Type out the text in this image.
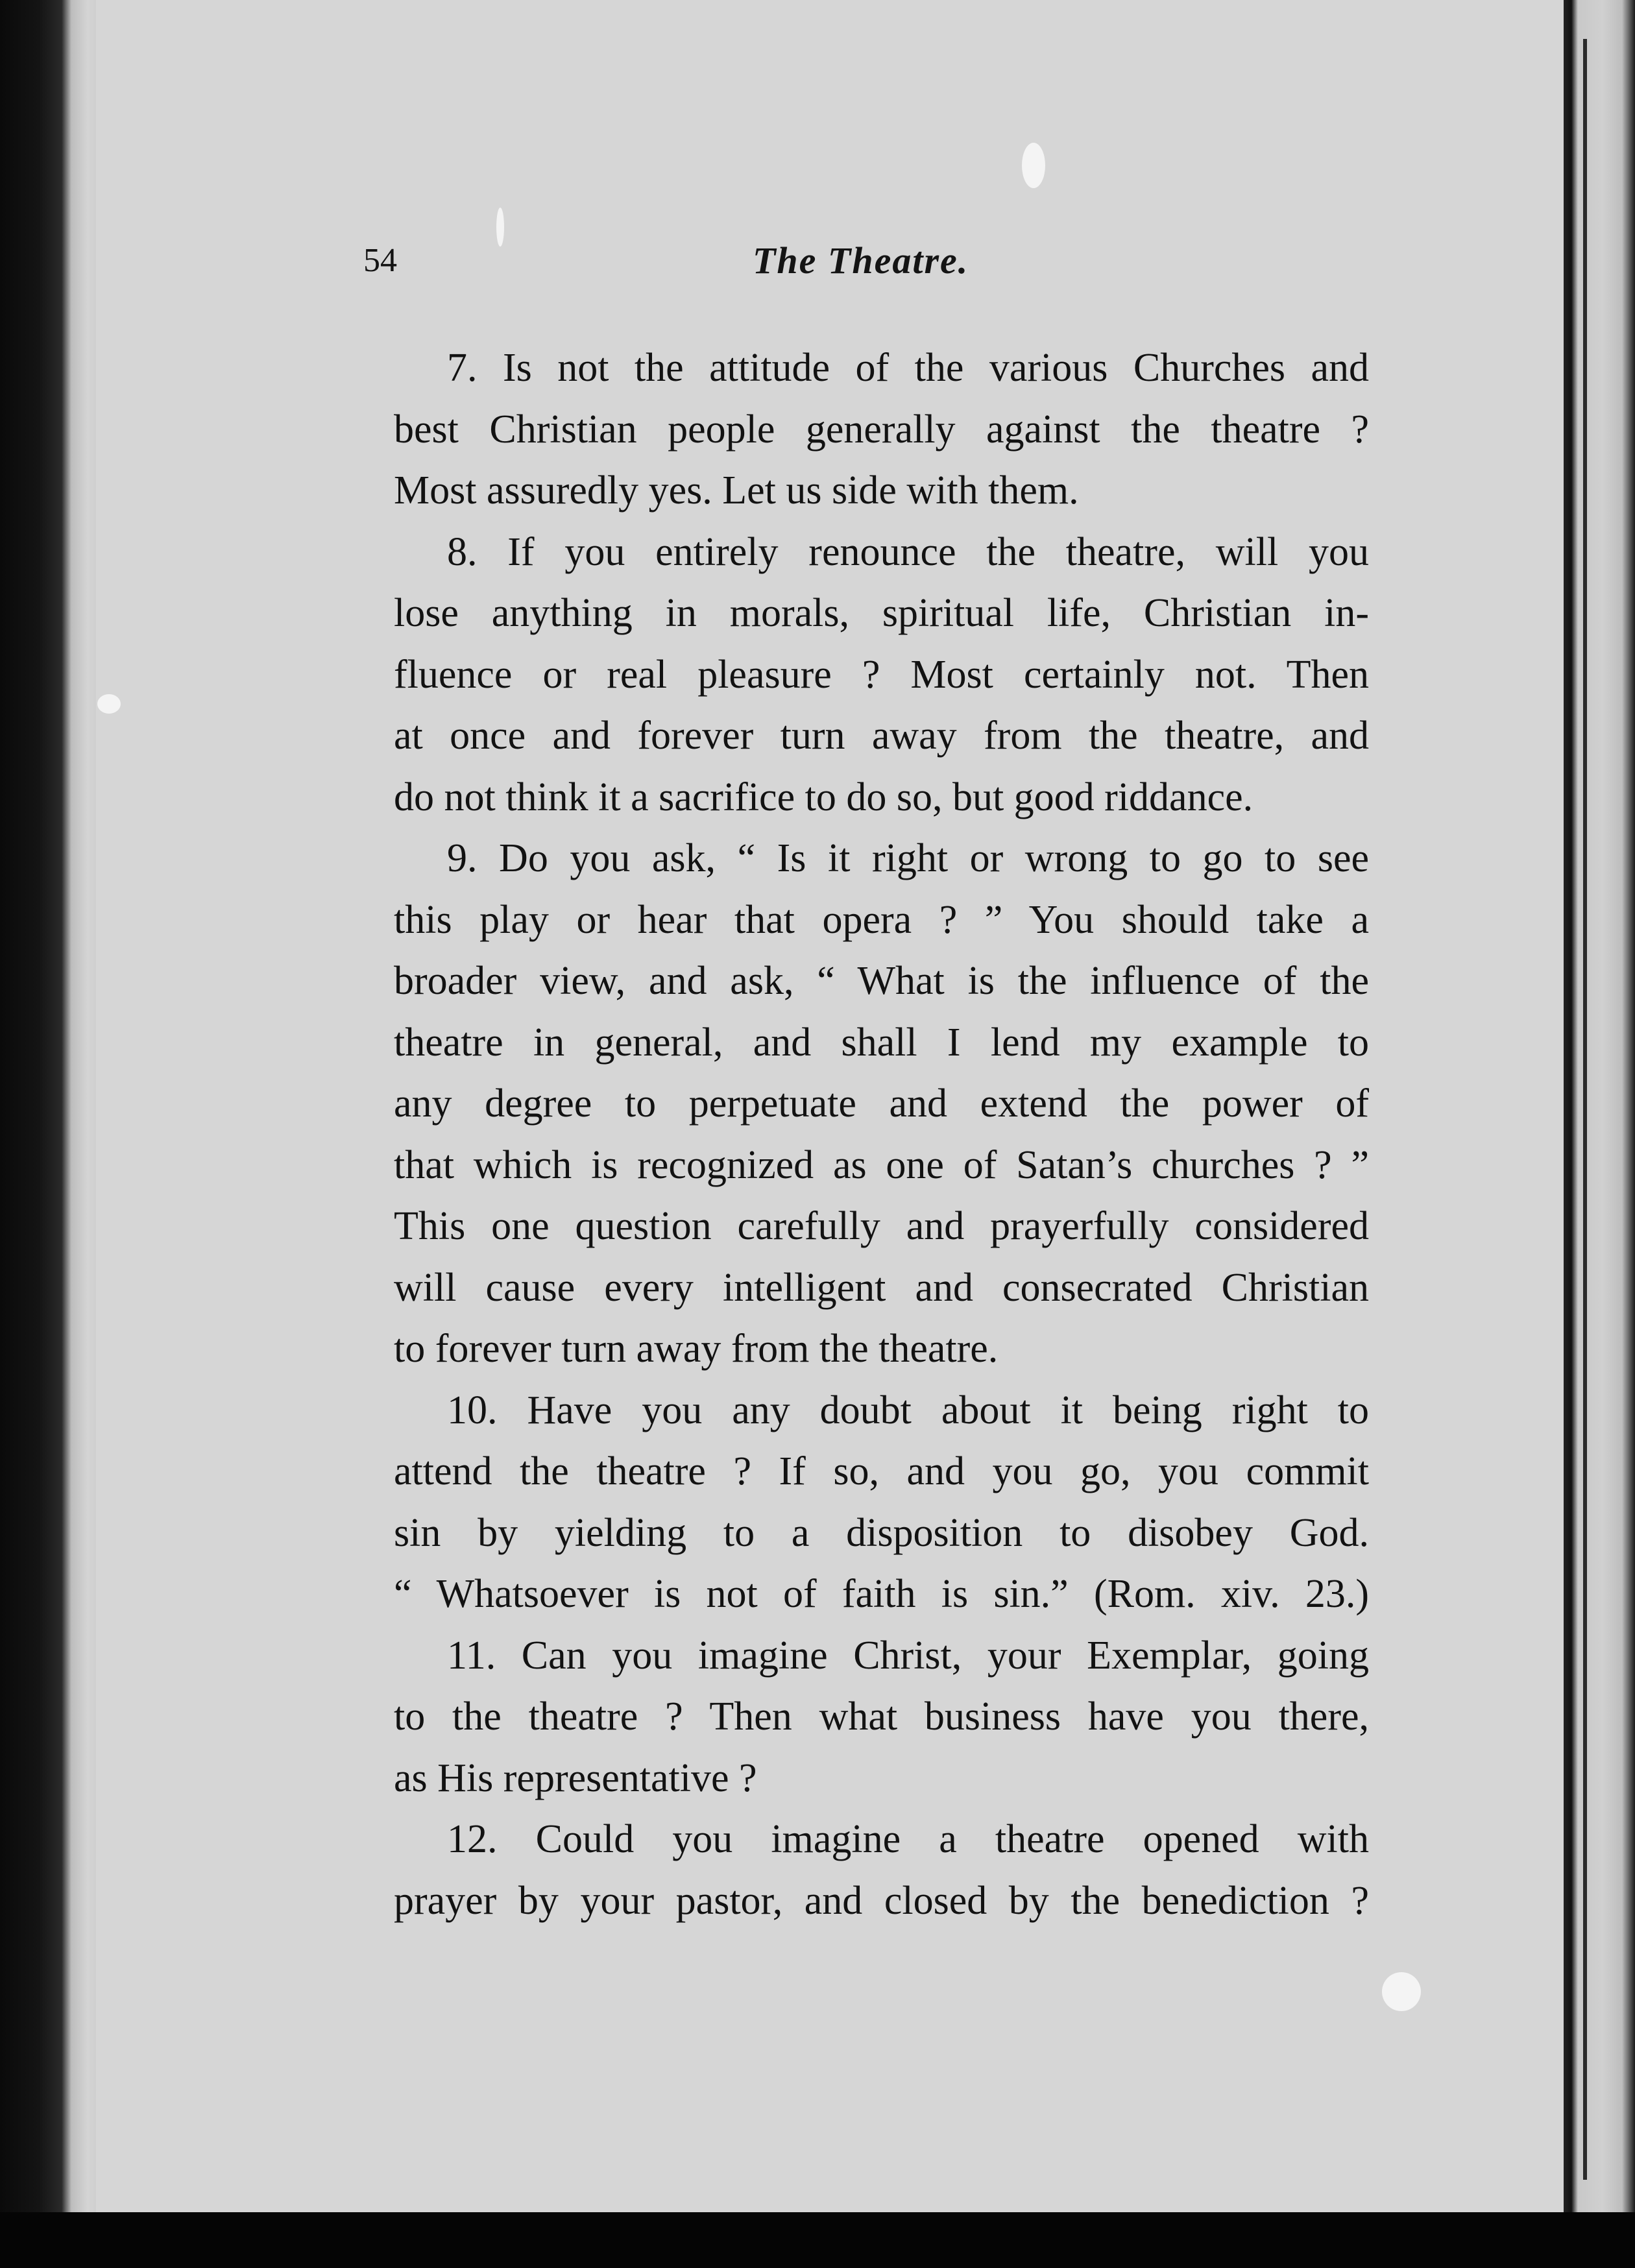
54	The Theatre.
7. Is not the attitude of the various Churches and
best Christian people generally against the theatre ?
Most assuredly yes. Let us side with them.
8. If you entirely renounce the theatre, will you
lose anything in morals, spiritual life, Christian in-
fluence or real pleasure ? Most certainly not. Then
at once and forever turn away from the theatre, and
do not think it a sacrifice to do so, but good riddance.
9. Do you ask, “ Is it right or wrong to go to see
this play or hear that opera ? ” You should take a
broader view, and ask, “ What is the influence of the
theatre in general, and shall I lend my example to
any degree to perpetuate and extend the power of
that which is recognized as one of Satan’s churches ? ”
This one question carefully and prayerfully considered
will cause every intelligent and consecrated Christian
to forever turn away from the theatre.
10. Have you any doubt about it being right to
attend the theatre ? If so, and you go, you commit
sin by yielding to a disposition to disobey God.
“ Whatsoever is not of faith is sin.” (Rom. xiv. 23.)
11. Can you imagine Christ, your Exemplar, going
to the theatre ? Then what business have you there,
as His representative ?
12. Could you imagine a theatre opened with
prayer by your pastor, and closed by the benediction ?
